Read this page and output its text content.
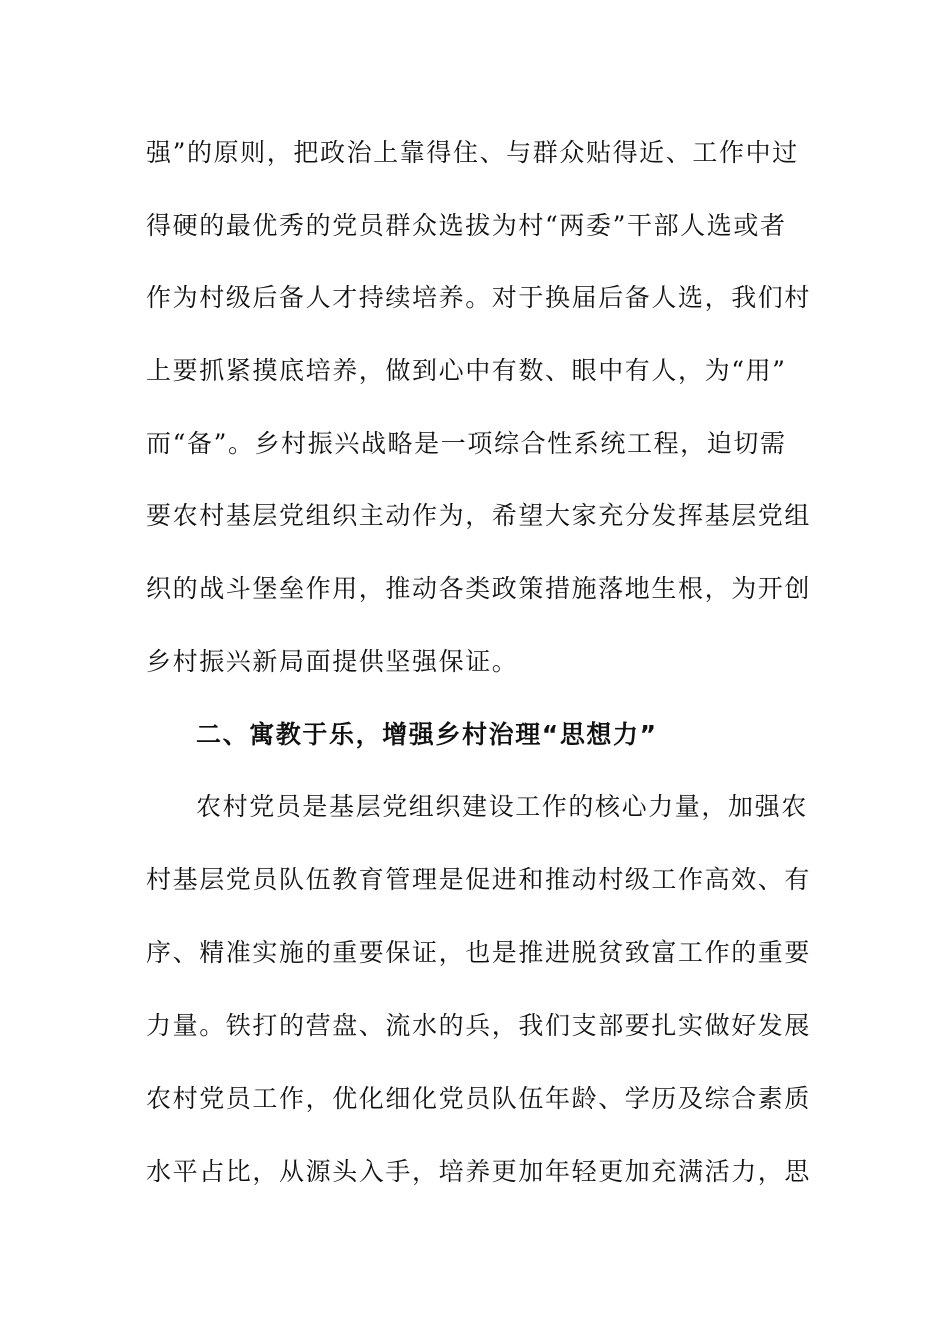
强”的原则，把政治上靠得住、与群众贴得近、工作中过
得硬的最优秀的党员群众选拔为村“两委”干部人选或者
作为村级后备人才持续培养。对于换届后备人选，我们村
上要抓紧摸底培养，做到心中有数、眼中有人，为“用”
而“备”。乡村振兴战略是一项综合性系统工程，迫切需
要农村基层党组织主动作为，希望大家充分发挥基层党组
织的战斗堡垒作用，推动各类政策措施落地生根，为开创
乡村振兴新局面提供坚强保证。
二、寓教于乐，增强乡村治理“思想力”
农村党员是基层党组织建设工作的核心力量，加强农
村基层党员队伍教育管理是促进和推动村级工作高效、有
序、精准实施的重要保证，也是推进脱贫致富工作的重要
力量。铁打的营盘、流水的兵，我们支部要扎实做好发展
农村党员工作，优化细化党员队伍年龄、学历及综合素质
水平占比，从源头入手，培养更加年轻更加充满活力，思
